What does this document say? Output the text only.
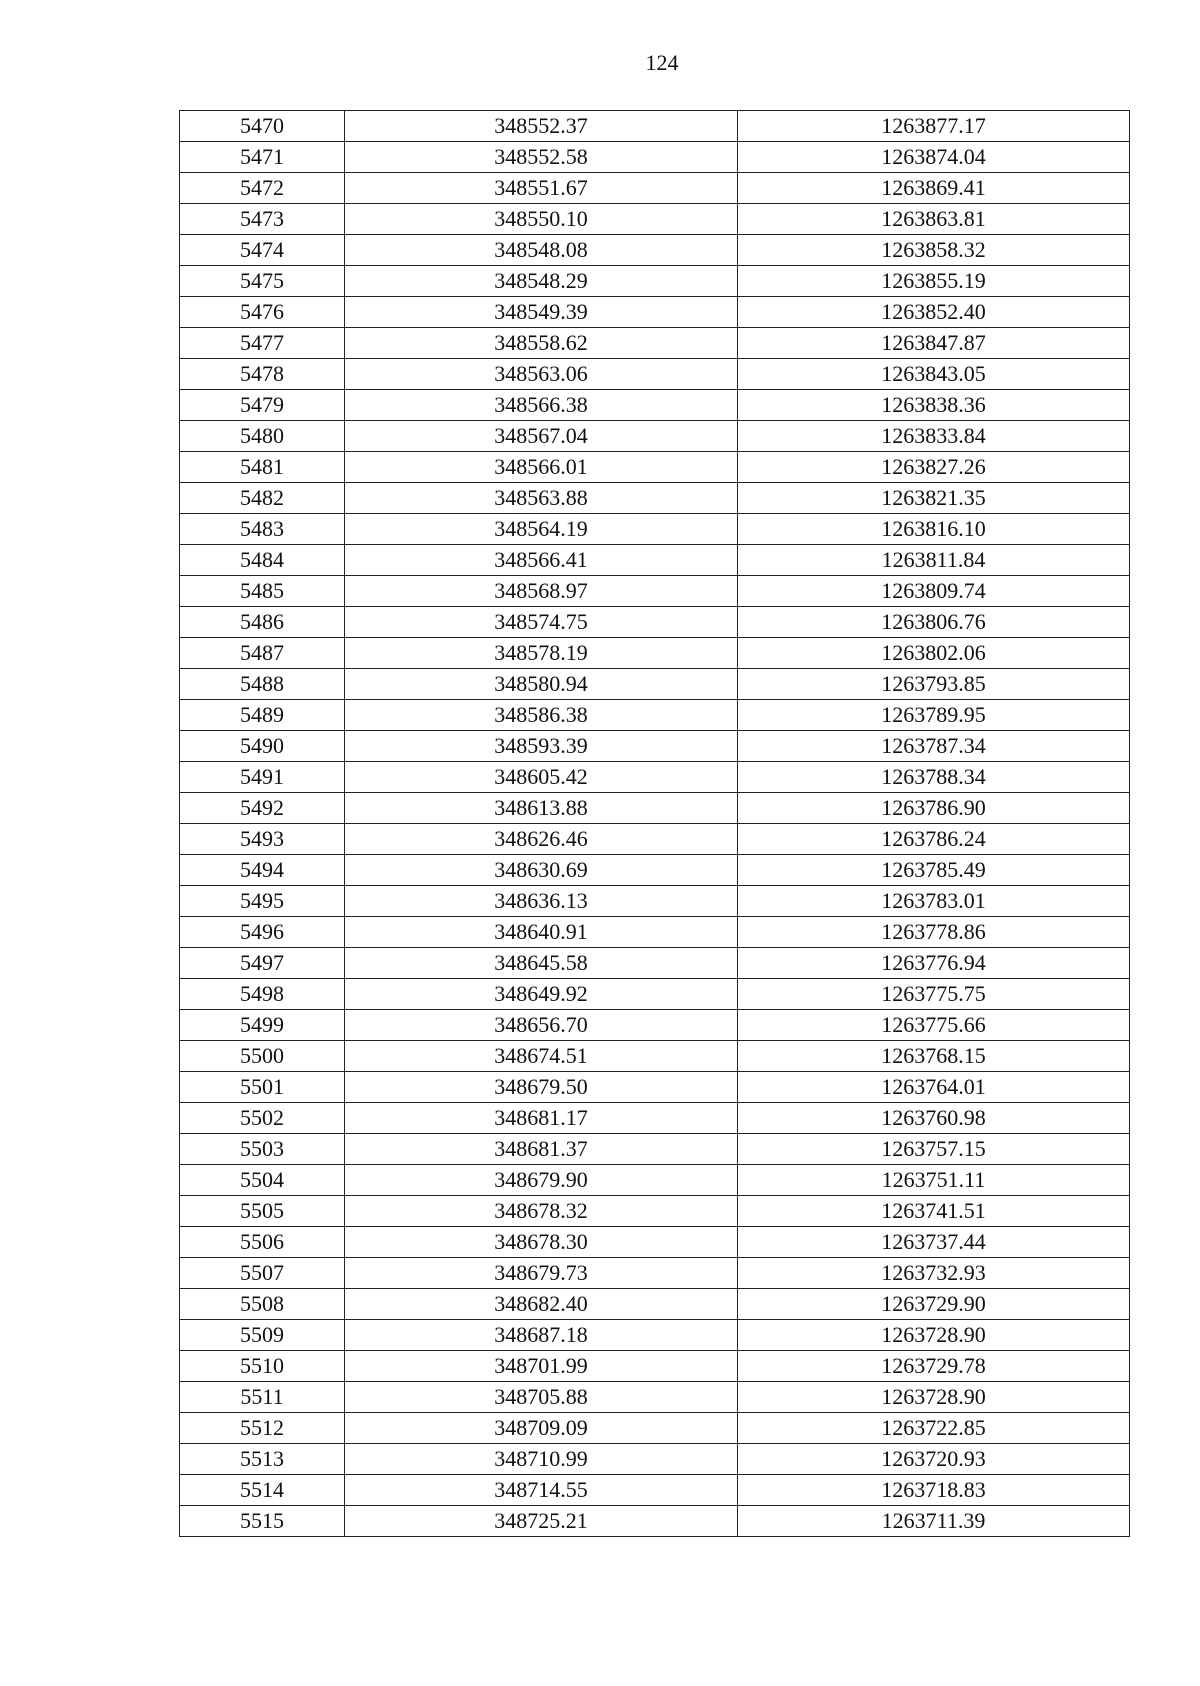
124
5470	348552.37	1263877.17
5471	348552.58	1263874.04
5472	348551.67	1263869.41
5473	348550.10	1263863.81
5474	348548.08	1263858.32
5475	348548.29	1263855.19
5476	348549.39	1263852.40
5477	348558.62	1263847.87
5478	348563.06	1263843.05
5479	348566.38	1263838.36
5480	348567.04	1263833.84
5481	348566.01	1263827.26
5482	348563.88	1263821.35
5483	348564.19	1263816.10
5484	348566.41	1263811.84
5485	348568.97	1263809.74
5486	348574.75	1263806.76
5487	348578.19	1263802.06
5488	348580.94	1263793.85
5489	348586.38	1263789.95
5490	348593.39	1263787.34
5491	348605.42	1263788.34
5492	348613.88	1263786.90
5493	348626.46	1263786.24
5494	348630.69	1263785.49
5495	348636.13	1263783.01
5496	348640.91	1263778.86
5497	348645.58	1263776.94
5498	348649.92	1263775.75
5499	348656.70	1263775.66
5500	348674.51	1263768.15
5501	348679.50	1263764.01
5502	348681.17	1263760.98
5503	348681.37	1263757.15
5504	348679.90	1263751.11
5505	348678.32	1263741.51
5506	348678.30	1263737.44
5507	348679.73	1263732.93
5508	348682.40	1263729.90
5509	348687.18	1263728.90
5510	348701.99	1263729.78
5511	348705.88	1263728.90
5512	348709.09	1263722.85
5513	348710.99	1263720.93
5514	348714.55	1263718.83
5515	348725.21	1263711.39
